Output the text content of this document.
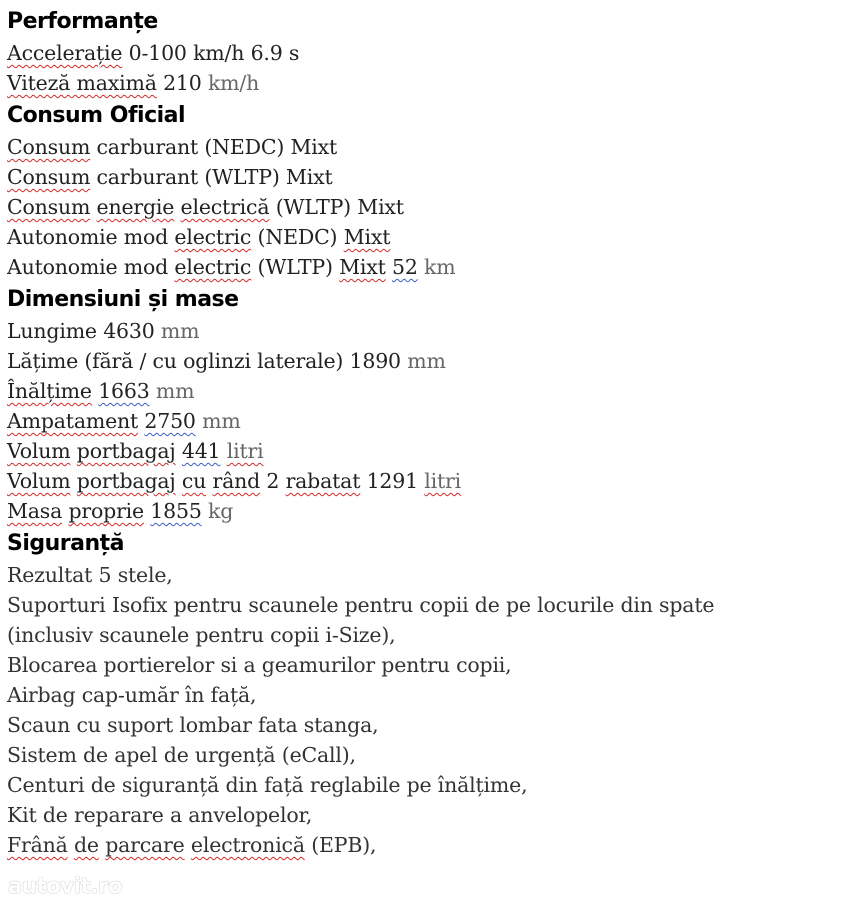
Performanțe
Accelerație 0-100 km/h 6.9 s
Viteză maximă 210 km/h
Consum Oficial
Consum carburant (NEDC) Mixt
Consum carburant (WLTP) Mixt
Consum energie electrică (WLTP) Mixt
Autonomie mod electric (NEDC) Mixt
Autonomie mod electric (WLTP) Mixt 52 km
Dimensiuni și mase
Lungime 4630 mm
Lățime (fără / cu oglinzi laterale) 1890 mm
Înălțime 1663 mm
Ampatament 2750 mm
Volum portbagaj 441 litri
Volum portbagaj cu rând 2 rabatat 1291 litri
Masa proprie 1855 kg
Siguranță
Rezultat 5 stele,
Suporturi Isofix pentru scaunele pentru copii de pe locurile din spate
(inclusiv scaunele pentru copii i-Size),
Blocarea portierelor si a geamurilor pentru copii,
Airbag cap-umăr în față,
Scaun cu suport lombar fata stanga,
Sistem de apel de urgență (eCall),
Centuri de siguranță din față reglabile pe înălțime,
Kit de reparare a anvelopelor,
Frână de parcare electronică (EPB),
autovit.ro
